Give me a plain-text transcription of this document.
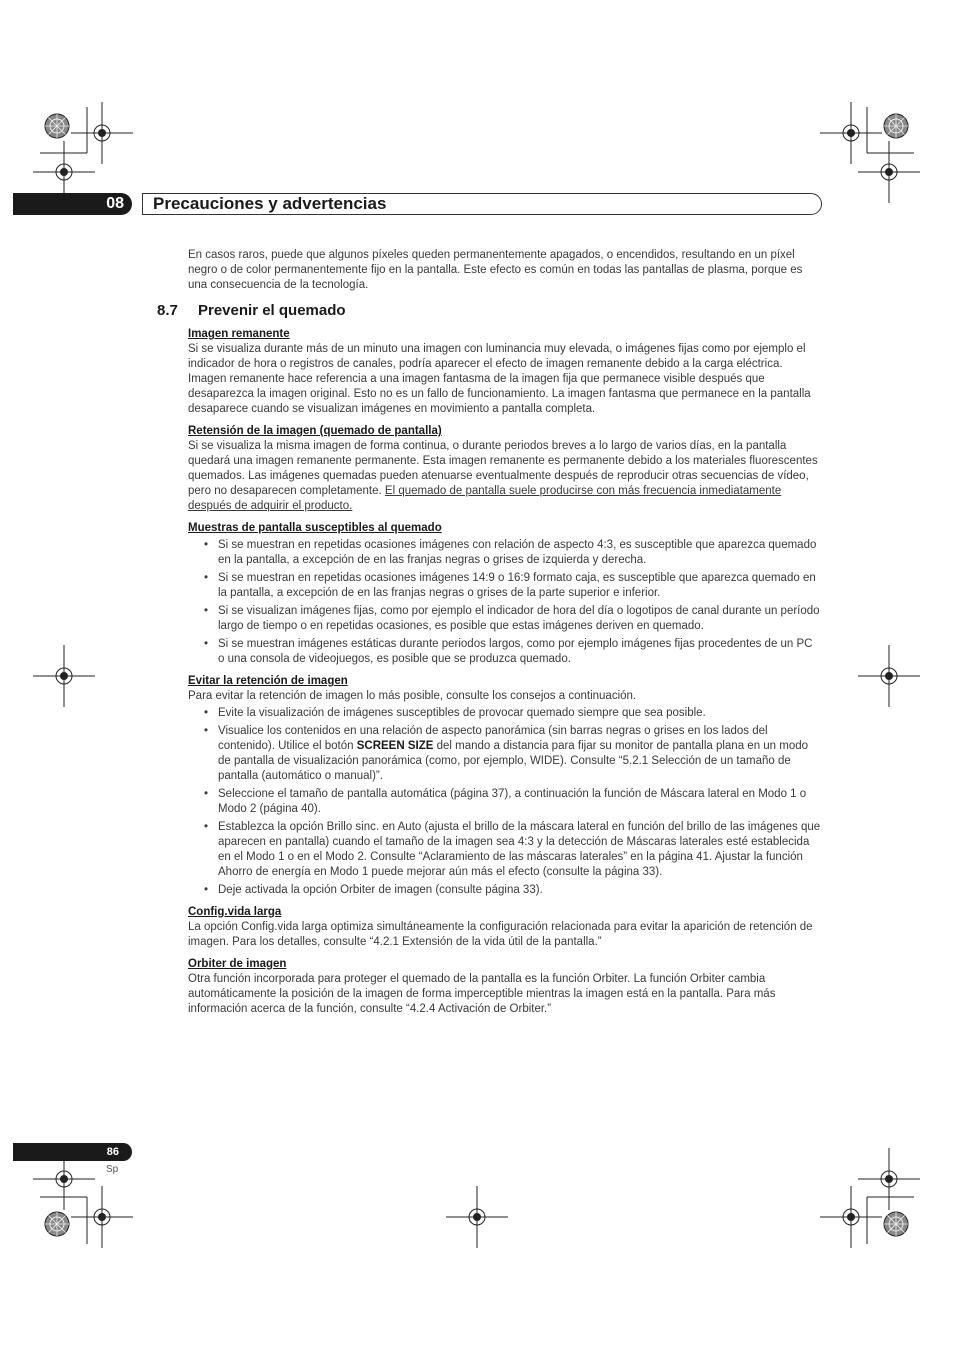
08	Precauciones y advertencias

En casos raros, puede que algunos píxeles queden permanentemente apagados, o encendidos, resultando en un píxel negro o de color permanentemente fijo en la pantalla. Este efecto es común en todas las pantallas de plasma, porque es una consecuencia de la tecnología.

8.7 Prevenir el quemado
Imagen remanente

Si se visualiza durante más de un minuto una imagen con luminancia muy elevada, o imágenes fijas como por ejemplo el indicador de hora o registros de canales, podría aparecer el efecto de imagen remanente debido a la carga eléctrica. Imagen remanente hace referencia a una imagen fantasma de la imagen fija que permanece visible después que desaparezca la imagen original. Esto no es un fallo de funcionamiento. La imagen fantasma que permanece en la pantalla desaparece cuando se visualizan imágenes en movimiento a pantalla completa.

Retensión de la imagen (quemado de pantalla)

Si se visualiza la misma imagen de forma continua, o durante periodos breves a lo largo de varios días, en la pantalla quedará una imagen remanente permanente. Esta imagen remanente es permanente debido a los materiales fluorescentes quemados. Las imágenes quemadas pueden atenuarse eventualmente después de reproducir otras secuencias de vídeo, pero no desaparecen completamente. El quemado de pantalla suele producirse con más frecuencia inmediatamente después de adquirir el producto.

Muestras de pantalla susceptibles al quemado
• Si se muestran en repetidas ocasiones imágenes con relación de aspecto 4:3, es susceptible que aparezca quemado en la pantalla, a excepción de en las franjas negras o grises de izquierda y derecha.
• Si se muestran en repetidas ocasiones imágenes 14:9 o 16:9 formato caja, es susceptible que aparezca quemado en la pantalla, a excepción de en las franjas negras o grises de la parte superior e inferior.
• Si se visualizan imágenes fijas, como por ejemplo el indicador de hora del día o logotipos de canal durante un período largo de tiempo o en repetidas ocasiones, es posible que estas imágenes deriven en quemado.
• Si se muestran imágenes estáticas durante periodos largos, como por ejemplo imágenes fijas procedentes de un PC o una consola de videojuegos, es posible que se produzca quemado.
Evitar la retención de imagen

Para evitar la retención de imagen lo más posible, consulte los consejos a continuación.

• Evite la visualización de imágenes susceptibles de provocar quemado siempre que sea posible.
• Visualice los contenidos en una relación de aspecto panorámica (sin barras negras o grises en los lados del contenido). Utilice el botón SCREEN SIZE del mando a distancia para fijar su monitor de pantalla plana en un modo de pantalla de visualización panorámica (como, por ejemplo, WIDE). Consulte “5.2.1 Selección de un tamaño de pantalla (automático o manual)”.
• Seleccione el tamaño de pantalla automática (página 37), a continuación la función de Máscara lateral en Modo 1 o Modo 2 (página 40).
• Establezca la opción Brillo sinc. en Auto (ajusta el brillo de la máscara lateral en función del brillo de las imágenes que aparecen en pantalla) cuando el tamaño de la imagen sea 4:3 y la detección de Máscaras laterales esté establecida en el Modo 1 o en el Modo 2. Consulte “Aclaramiento de las máscaras laterales” en la página 41. Ajustar la función Ahorro de energía en Modo 1 puede mejorar aún más el efecto (consulte la página 33).
• Deje activada la opción Orbiter de imagen (consulte página 33).
Config.vida larga

La opción Config.vida larga optimiza simultáneamente la configuración relacionada para evitar la aparición de retención de imagen. Para los detalles, consulte “4.2.1 Extensión de la vida útil de la pantalla.”

Orbiter de imagen

Otra función incorporada para proteger el quemado de la pantalla es la función Orbiter. La función Orbiter cambia automáticamente la posición de la imagen de forma imperceptible mientras la imagen está en la pantalla. Para más información acerca de la función, consulte “4.2.4 Activación de Orbiter.”

86
Sp
